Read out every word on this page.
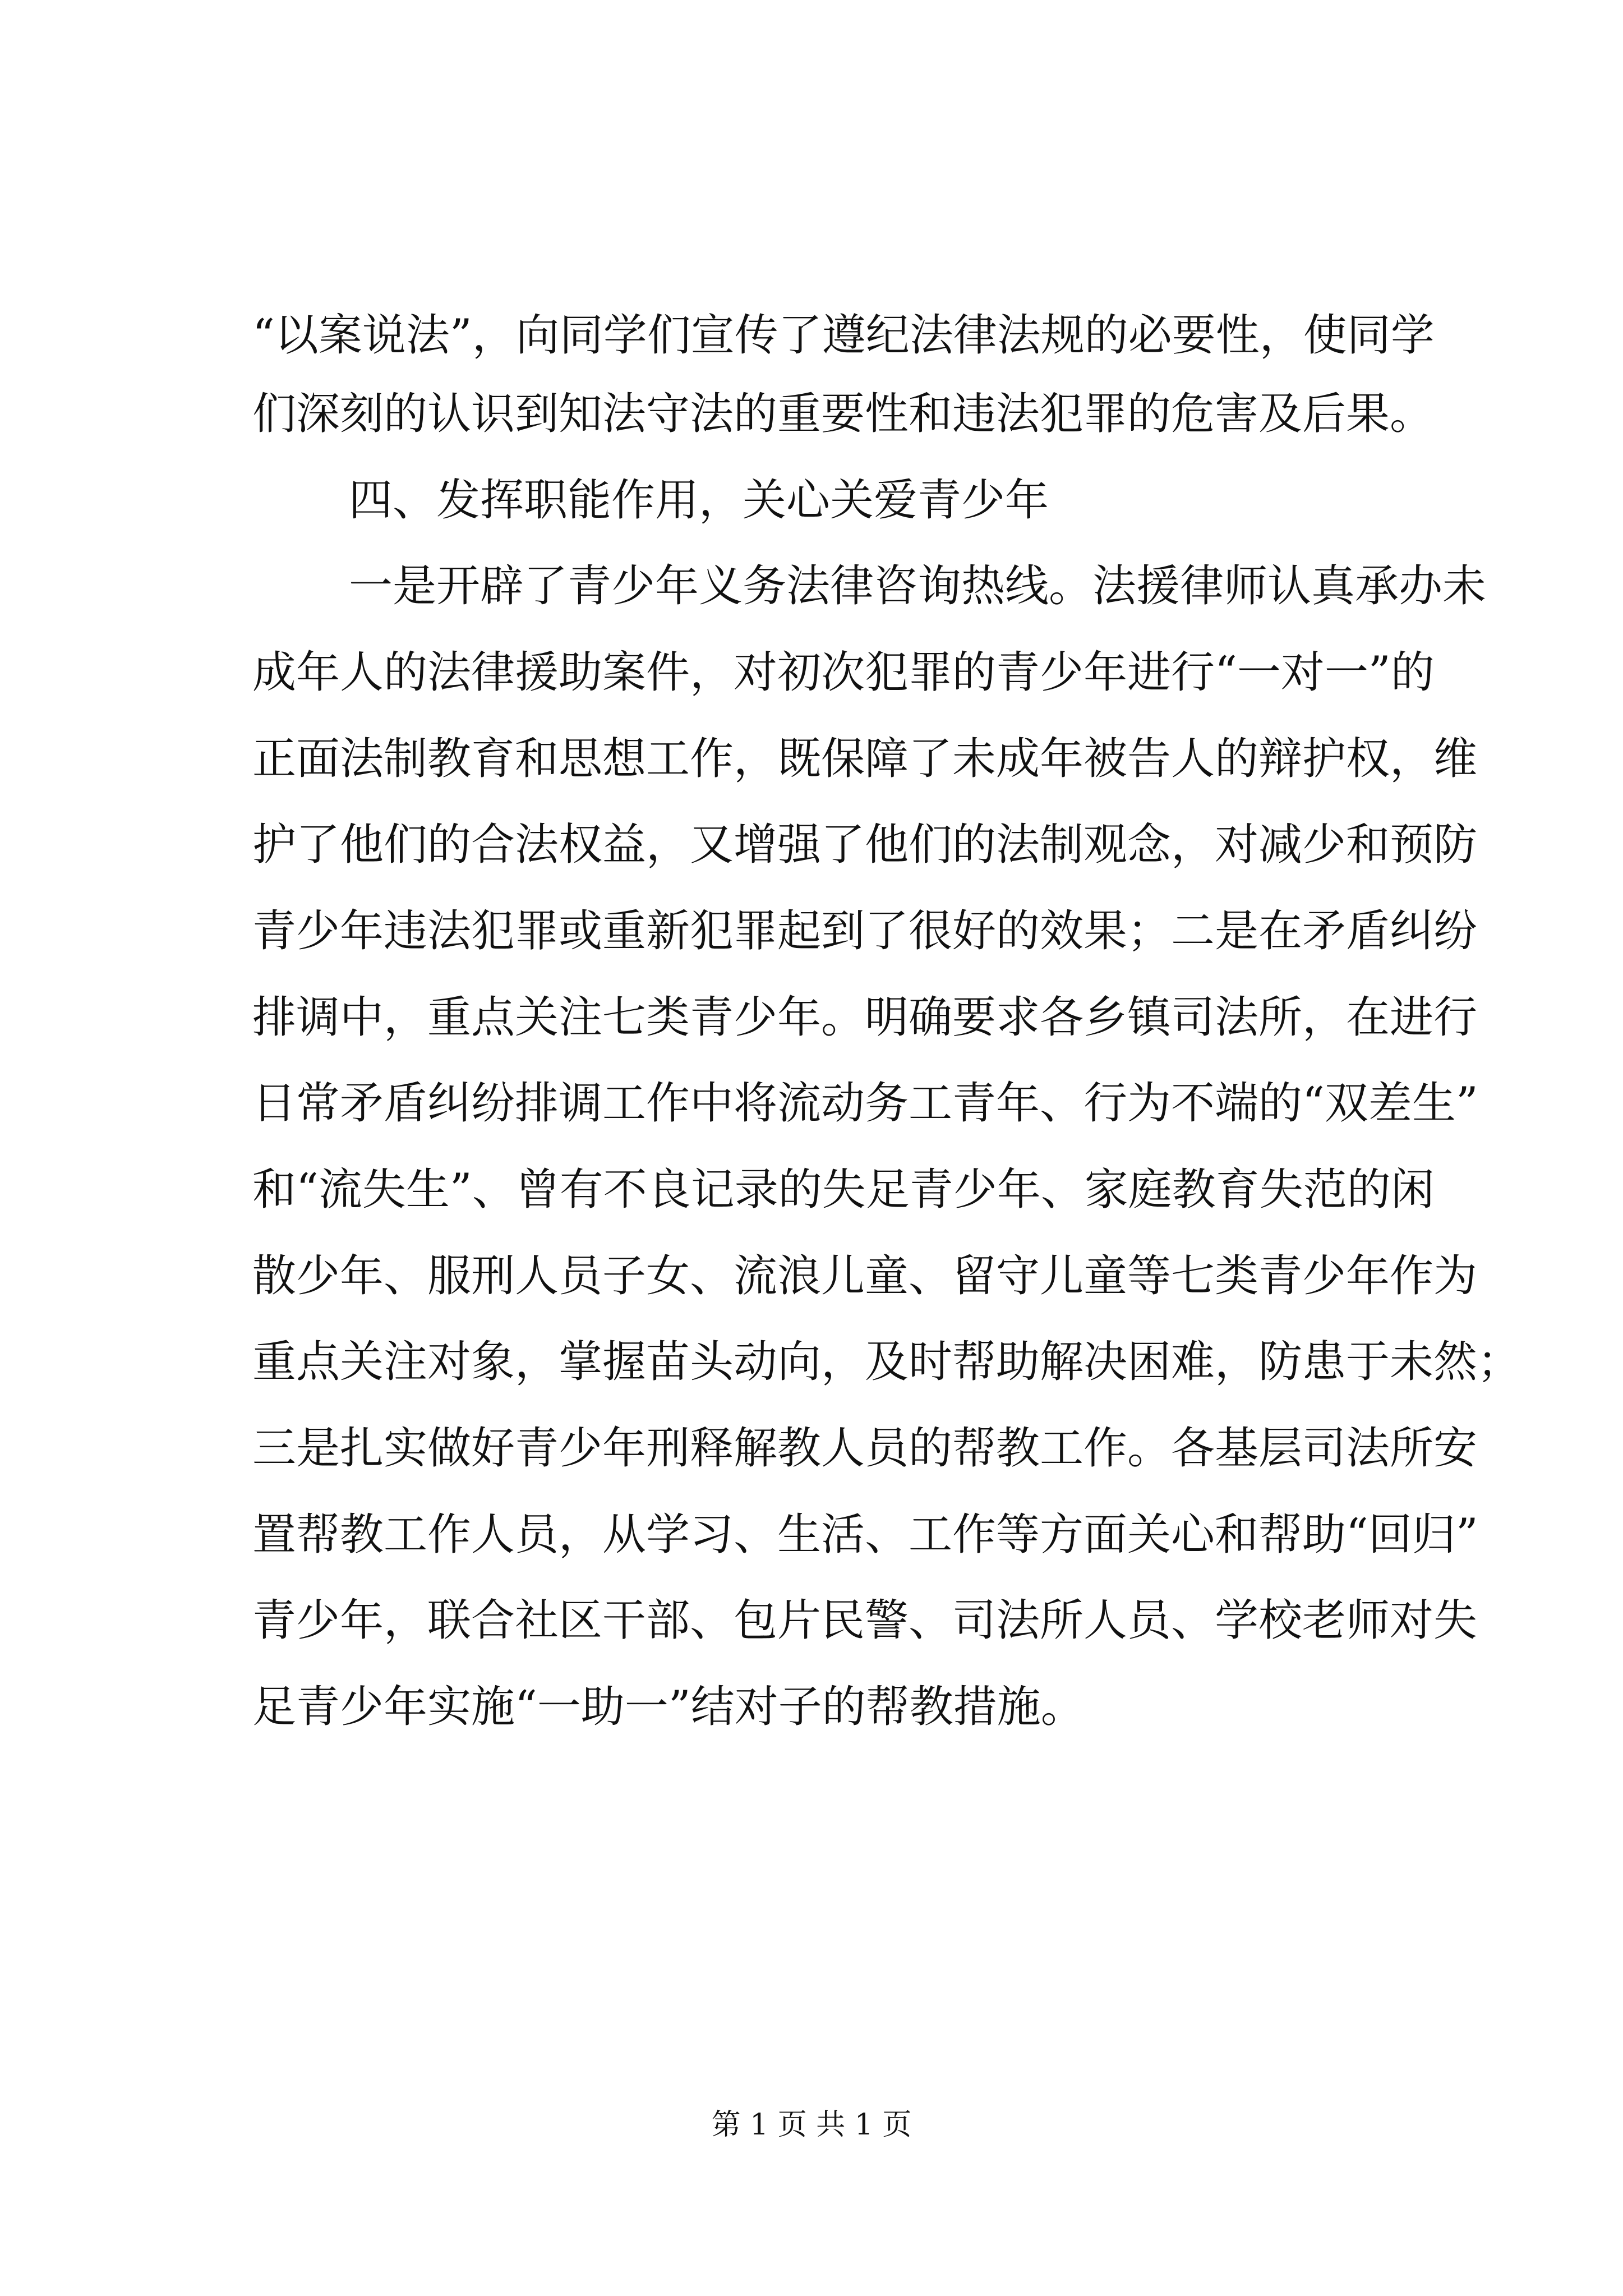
“以案说法”，向同学们宣传了遵纪法律法规的必要性，使同学
们深刻的认识到知法守法的重要性和违法犯罪的危害及后果。
四、发挥职能作用，关心关爱青少年
一是开辟了青少年义务法律咨询热线。法援律师认真承办未
成年人的法律援助案件，对初次犯罪的青少年进行“一对一”的
正面法制教育和思想工作，既保障了未成年被告人的辩护权，维
护了他们的合法权益，又增强了他们的法制观念，对减少和预防
青少年违法犯罪或重新犯罪起到了很好的效果；二是在矛盾纠纷
排调中，重点关注七类青少年。明确要求各乡镇司法所，在进行
日常矛盾纠纷排调工作中将流动务工青年、行为不端的“双差生”
和“流失生”、曾有不良记录的失足青少年、家庭教育失范的闲
散少年、服刑人员子女、流浪儿童、留守儿童等七类青少年作为
重点关注对象，掌握苗头动向，及时帮助解决困难，防患于未然；
三是扎实做好青少年刑释解教人员的帮教工作。各基层司法所安
置帮教工作人员，从学习、生活、工作等方面关心和帮助“回归”
青少年，联合社区干部、包片民警、司法所人员、学校老师对失
足青少年实施“一助一”结对子的帮教措施。
第 1 页 共 1 页
